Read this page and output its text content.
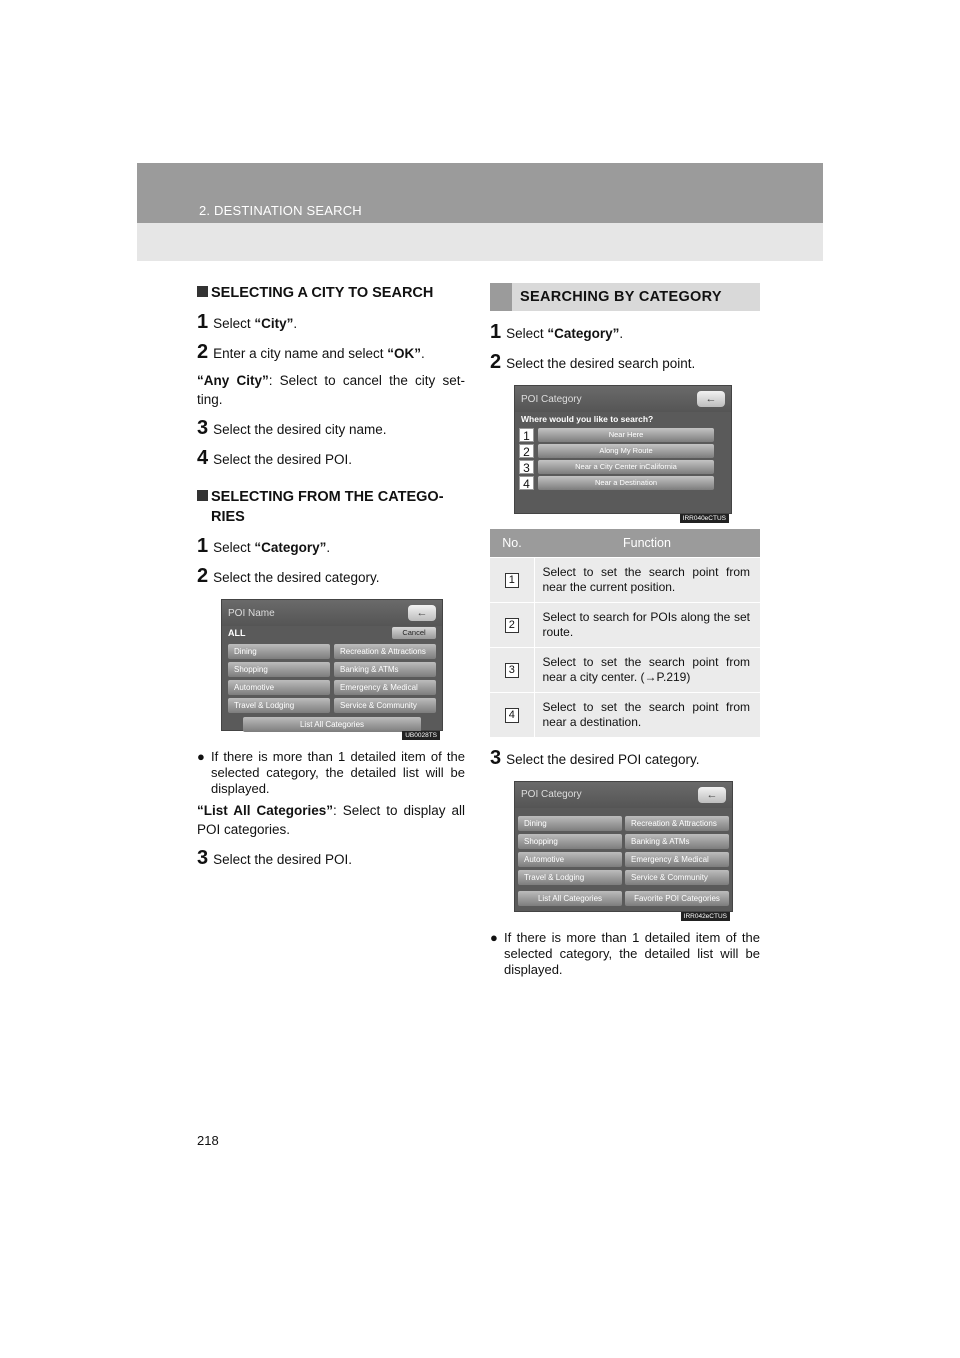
2. DESTINATION SEARCH
SELECTING A CITY TO SEARCH
1 Select “City”.
2 Enter a city name and select “OK”.
“Any City”: Select to cancel the city set-ting.
3 Select the desired city name.
4 Select the desired POI.
SELECTING FROM THE CATEGO-
RIES
1 Select “Category”.
2 Select the desired category.
POI Name	←
ALL	Cancel
Dining	Recreation & Attractions
Shopping	Banking & ATMs
Automotive	Emergency & Medical
Travel & Lodging	Service & Community
List All Categories
UB0028TS
● If there is more than 1 detailed item of the selected category, the detailed list will be displayed.
“List All Categories”: Select to display all POI categories.
3 Select the desired POI.
SEARCHING BY CATEGORY
1 Select “Category”.
2 Select the desired search point.
POI Category	←
Where would you like to search?
1	Near Here
2	Along My Route
3	Near a City Center inCalifornia
4	Near a Destination
IRR040eCTUS
No.	Function
1	Select to set the search point from near the current position.
2	Select to search for POIs along the set route.
3	Select to set the search point from near a city center. (→P.219)
4	Select to set the search point from near a destination.
3 Select the desired POI category.
POI Category	←
Dining	Recreation & Attractions
Shopping	Banking & ATMs
Automotive	Emergency & Medical
Travel & Lodging	Service & Community
List All Categories	Favorite POI Categories
IRR042eCTUS
● If there is more than 1 detailed item of the selected category, the detailed list will be displayed.
218
